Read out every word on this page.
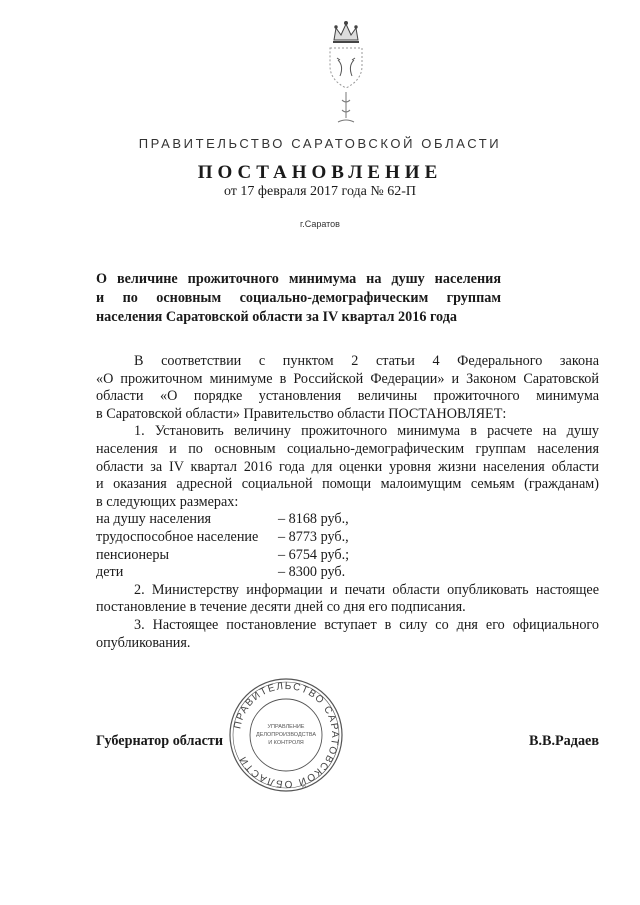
ПРАВИТЕЛЬСТВО САРАТОВСКОЙ ОБЛАСТИ
ПОСТАНОВЛЕНИЕ
от 17 февраля 2017 года № 62-П
г.Саратов
О величине прожиточного минимума на душу населения
и по основным социально-демографическим группам
населения Саратовской области за IV квартал 2016 года
В соответствии с пунктом 2 статьи 4 Федерального закона
«О прожиточном минимуме в Российской Федерации» и Законом Саратовской
области «О порядке установления величины прожиточного минимума
в Саратовской области» Правительство области ПОСТАНОВЛЯЕТ:
1. Установить величину прожиточного минимума в расчете на душу
населения и по основным социально-демографическим группам населения
области за IV квартал 2016 года для оценки уровня жизни населения области
и оказания адресной социальной помощи малоимущим семьям (гражданам)
в следующих размерах:
на душу населения	– 8168 руб.,
трудоспособное население	– 8773 руб.,
пенсионеры	– 6754 руб.;
дети	– 8300 руб.
2. Министерству информации и печати области опубликовать настоящее
постановление в течение десяти дней со дня его подписания.
3. Настоящее постановление вступает в силу со дня его официального
опубликования.
Губернатор области	В.В.Радаев
ПРАВИТЕЛЬСТВО САРАТОВСКОЙ ОБЛАСТИ
УПРАВЛЕНИЕ
ДЕЛОПРОИЗВОДСТВА
И КОНТРОЛЯ
